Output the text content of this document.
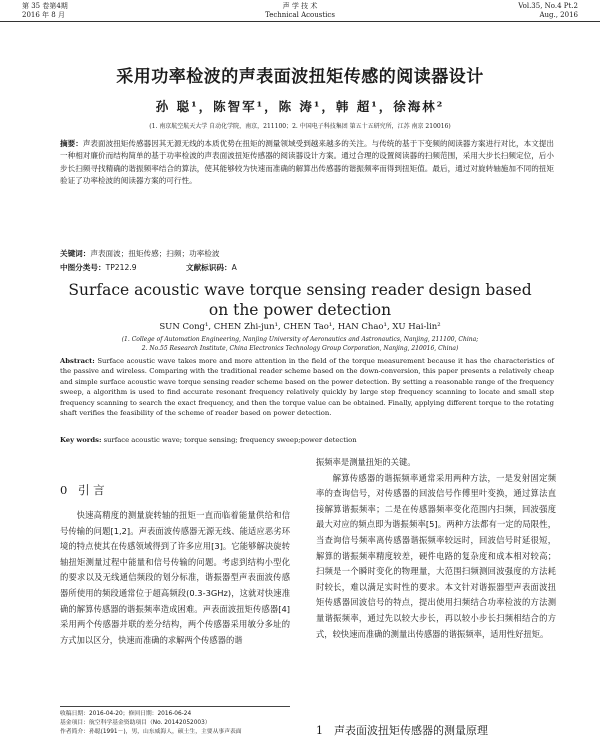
第 35 卷第4期
2016 年 8 月
声 学 技 术
Technical Acoustics
Vol.35, No.4 Pt.2
Aug., 2016
采用功率检波的声表面波扭矩传感的阅读器设计
孙 聪¹，陈智军¹，陈 涛¹，韩 超¹，徐海林²
(1. 南京航空航天大学 自动化学院，南京，211100；2. 中国电子科技集团 第五十五研究所，江苏 南京 210016)
摘要：声表面波扭矩传感器因其无源无线的本质优势在扭矩的测量领域受到越来越多的关注。与传统的基于下变频的阅读器方案进行对比，本文提出一种相对廉价而结构简单的基于功率检波的声表面波扭矩传感器的阅读器设计方案。通过合理的设置阅读器的扫频范围，采用大步长扫频定位，后小步长扫频寻找精确的谐振频率结合的算法，使其能够较为快速而准确的解算出传感器的谐振频率而得到扭矩值。最后，通过对旋转轴施加不同的扭矩验证了功率检波的阅读器方案的可行性。
关键词：声表面波；扭矩传感；扫频；功率检波
中图分类号：TP212.9	文献标识码：A
Surface acoustic wave torque sensing reader design based on the power detection
SUN Cong¹, CHEN Zhi-jun¹, CHEN Tao¹, HAN Chao¹, XU Hai-lin²
(1. College of Automation Engineering, Nanjing University of Aeronautics and Astronautics, Nanjing, 211100, China;
2. No.55 Research Institute, China Electronics Technology Group Corporation, Nanjing, 210016, China)
Abstract: Surface acoustic wave takes more and more attention in the field of the torque measurement because it has the characteristics of the passive and wireless. Comparing with the traditional reader scheme based on the down-conversion, this paper presents a relatively cheap and simple surface acoustic wave torque sensing reader scheme based on the power detection. By setting a reasonable range of the frequency sweep, a algorithm is used to find accurate resonant frequency relatively quickly by large step frequency scanning to locate and small step frequency scanning to search the exact frequency, and then the torque value can be obtained. Finally, applying different torque to the rotating shaft verifies the feasibility of the scheme of reader based on power detection.
Key words: surface acoustic wave; torque sensing; frequency sweep;power detection
0 引 言

快速高精度的测量旋转轴的扭矩一直而临着能量供给和信号传输的问题[1,2]。声表面波传感器无源无线、能适应恶劣环境的特点使其在传感领域得到了许多应用[3]。它能够解决旋转轴扭矩测量过程中能量和信号传输的问题。考虑到结构小型化的要求以及无线通信频段的划分标准，谐振器型声表面波传感器所使用的频段通常位于超高频段(0.3-3GHz)，这就对快速准确的解算传感器的谐振频率造成困难。声表面波扭矩传感器[4]采用两个传感器并联的差分结构，两个传感器采用敏分多址的方式加以区分，快速而准确的求解两个传感器的谐

振频率是测量扭矩的关键。

解算传感器的谐振频率通常采用两种方法，一是发射固定频率的查询信号，对传感器的回波信号作傅里叶变换，通过算法直接解算谐振频率；二是在传感器频率变化范围内扫频，回波强度最大对应的频点即为谐振频率[5]。两种方法都有一定的局限性，当查询信号频率离传感器谐振频率较远时，回波信号时延很短，解算的谐振频率精度较差，硬件电路的复杂度和成本相对较高；扫频是一个瞬时变化的物理量，大范围扫频测回波强度的方法耗时较长，难以满足实时性的要求。本文针对谐振器型声表面波扭矩传感器回波信号的特点，提出使用扫频结合功率检波的方法测量谐振频率，通过先以较大步长，再以较小步长扫频相结合的方式，较快速而准确的测量出传感器的谐振频率，适用性好扭矩。

收稿日期：2016-04-20；修回日期：2016-06-24
基金项目：航空科学基金资助项目（No. 20142052003）
作者简介：孙聪(1991－)，男，山东威海人，硕士生，主要从事声表面	1 声表面波扭矩传感器的测量原理
